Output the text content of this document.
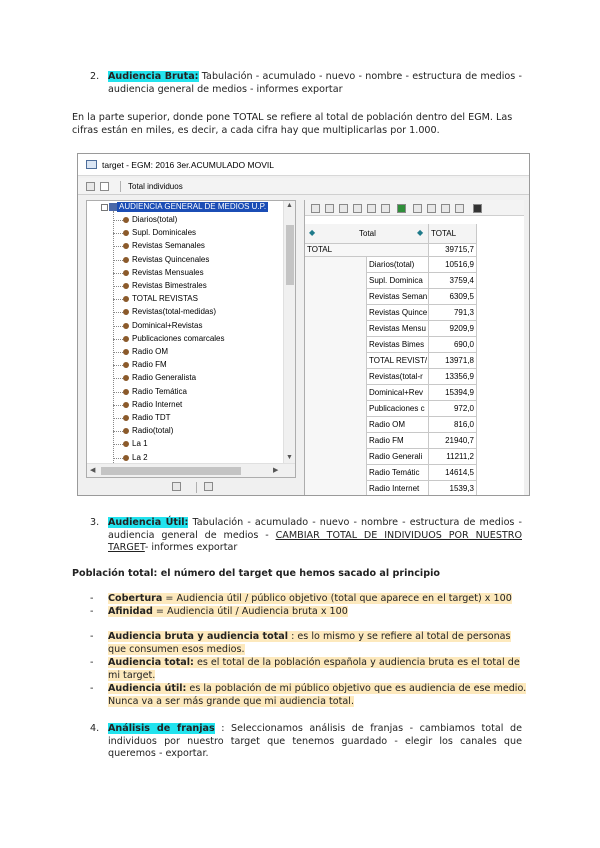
2. Audiencia Bruta: Tabulación - acumulado - nuevo - nombre - estructura de medios - audiencia general de medios - informes exportar
En la parte superior, donde pone TOTAL se refiere al total de población dentro del EGM. Las cifras están en miles, es decir, a cada cifra hay que multiplicarlas por 1.000.
target - EGM: 2016 3er.ACUMULADO MOVIL
Total individuos
AUDIENCIA GENERAL DE MEDIOS U.P.
Diarios(total)
Supl. Dominicales
Revistas Semanales
Revistas Quincenales
Revistas Mensuales
Revistas Bimestrales
TOTAL REVISTAS
Revistas(total-medidas)
Dominical+Revistas
Publicaciones comarcales
Radio OM
Radio FM
Radio Generalista
Radio Temática
Radio Internet
Radio TDT
Radio(total)
La 1
La 2
▲
▼
◀	▶
◆	Total	◆ TOTAL
TOTAL	39715,7
Diarios(total)	10516,9
Supl. Dominica	3759,4
Revistas Seman	6309,5
Revistas Quince	791,3
Revistas Mensu	9209,9
Revistas Bimes	690,0
TOTAL REVIST/	13971,8
Revistas(total-r	13356,9
Dominical+Rev	15394,9
Publicaciones c	972,0
Radio OM	816,0
Radio FM	21940,7
Radio Generali	11211,2
Radio Temátic	14614,5
Radio Internet	1539,3
3. Audiencia Útil: Tabulación - acumulado - nuevo - nombre - estructura de medios - audiencia general de medios - CAMBIAR TOTAL DE INDIVIDUOS POR NUESTRO TARGET- informes exportar
Población total: el número del target que hemos sacado al principio
- Cobertura = Audiencia útil / público objetivo (total que aparece en el target) x 100
- Afinidad = Audiencia útil / Audiencia bruta x 100
- Audiencia bruta y audiencia total : es lo mismo y se refiere al total de personas que consumen esos medios.
- Audiencia total: es el total de la población española y audiencia bruta es el total de mi target.
- Audiencia útil: es la población de mi público objetivo que es audiencia de ese medio. Nunca va a ser más grande que mi audiencia total.
4. Análisis de franjas : Seleccionamos análisis de franjas - cambiamos total de individuos por nuestro target que tenemos guardado - elegir los canales que queremos - exportar.
